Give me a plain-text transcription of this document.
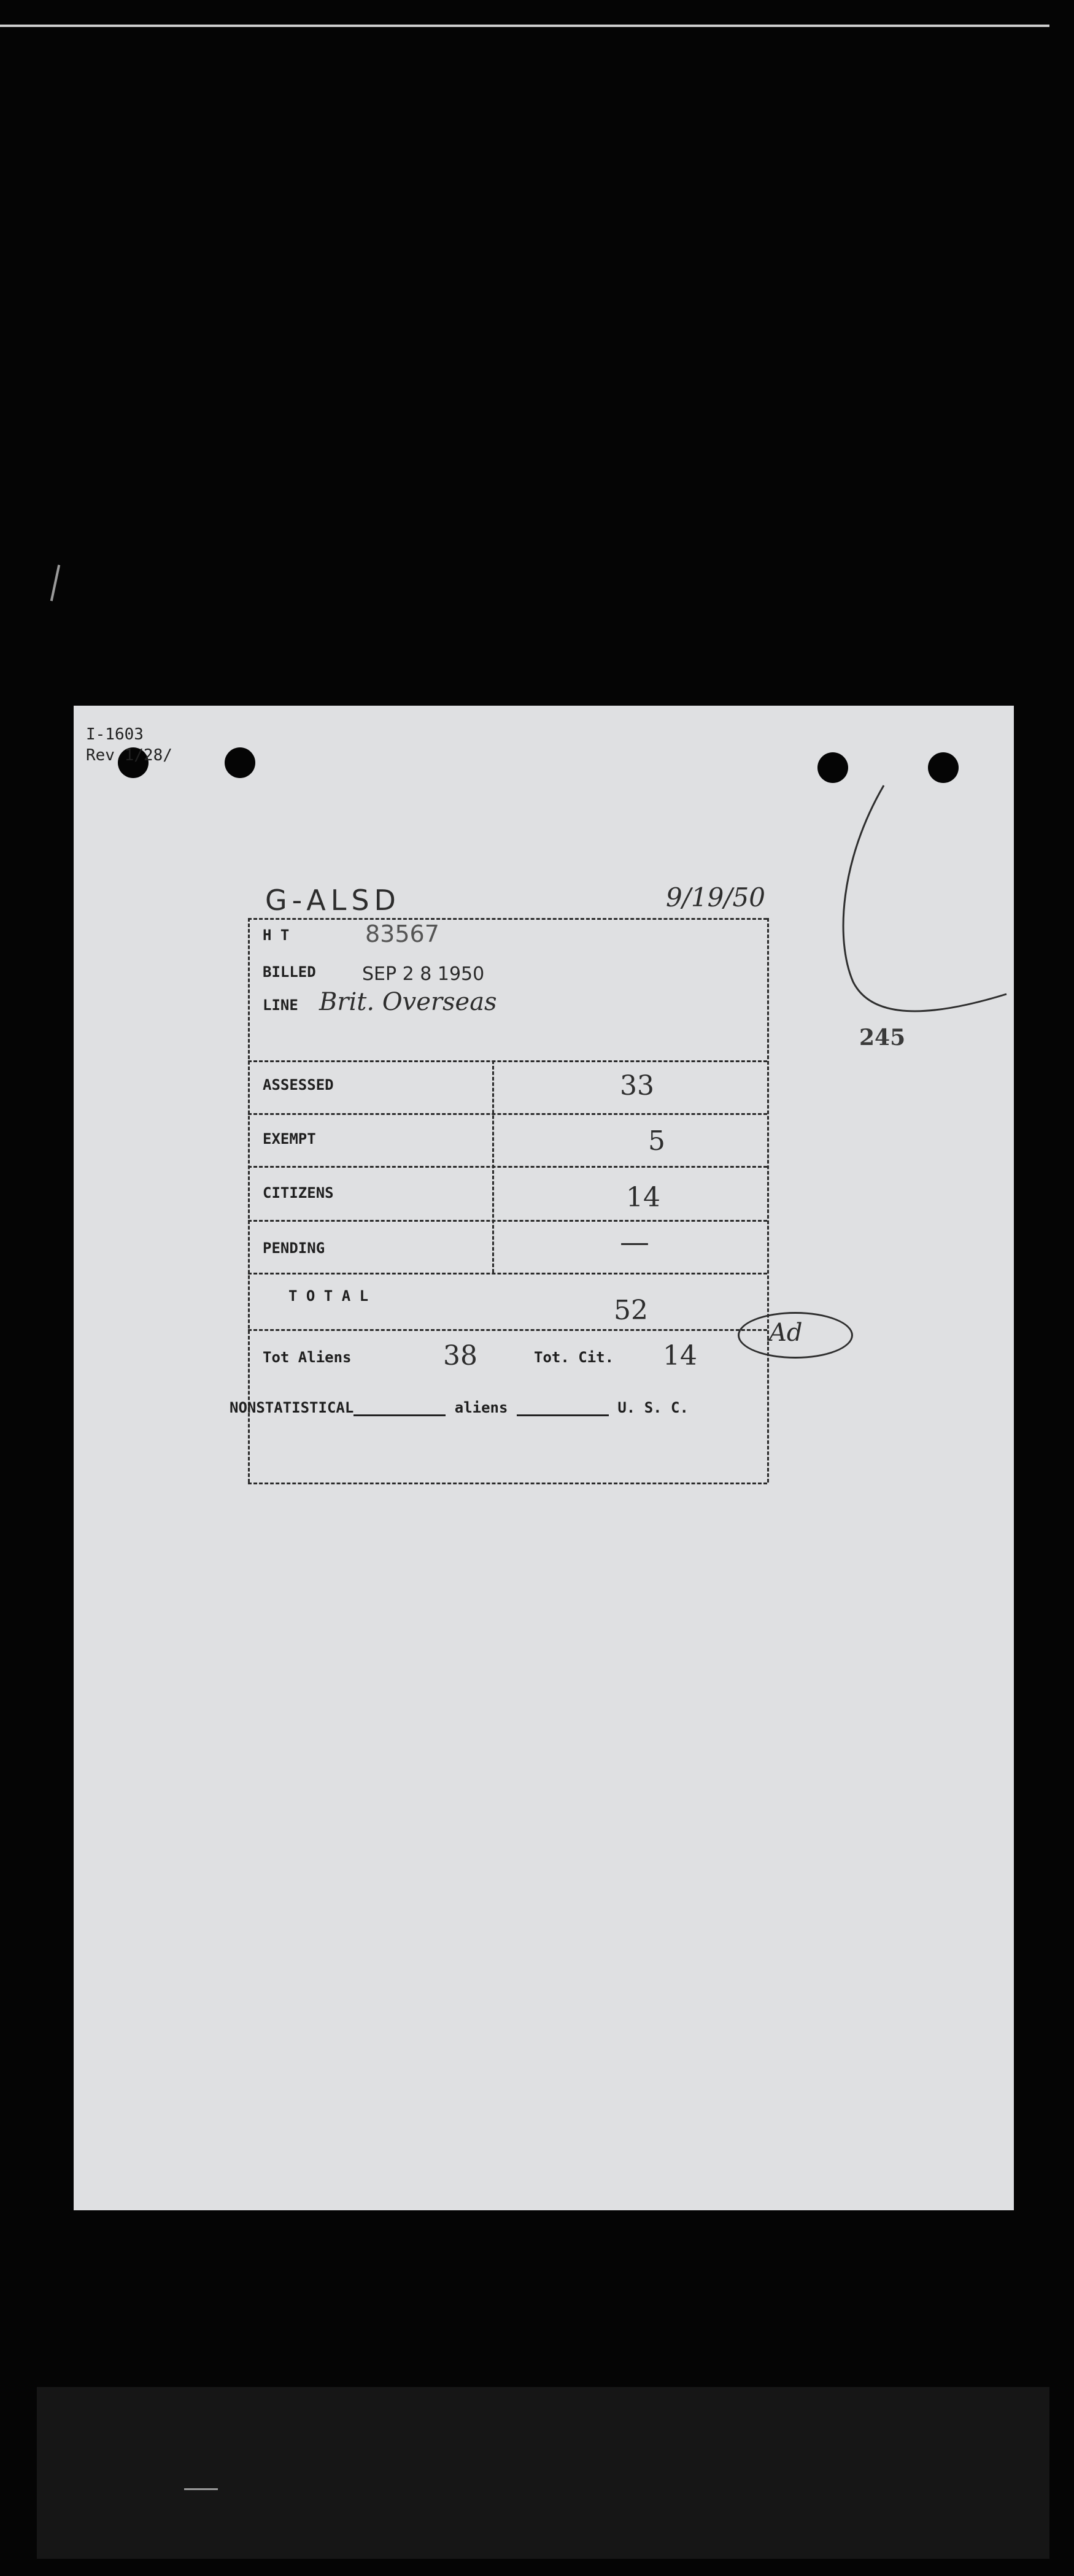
I-1603
Rev 1/28/
245
G-ALSD	9/19/50
H T	83567
BILLED	SEP 2 8 1950
LINE Brit. Overseas
ASSESSED	33
EXEMPT	5
CITIZENS	14
PENDING	—
T O T A L	52
Tot Aliens	38	Tot. Cit. 14
Ad
NONSTATISTICAL	aliens	U. S. C.
